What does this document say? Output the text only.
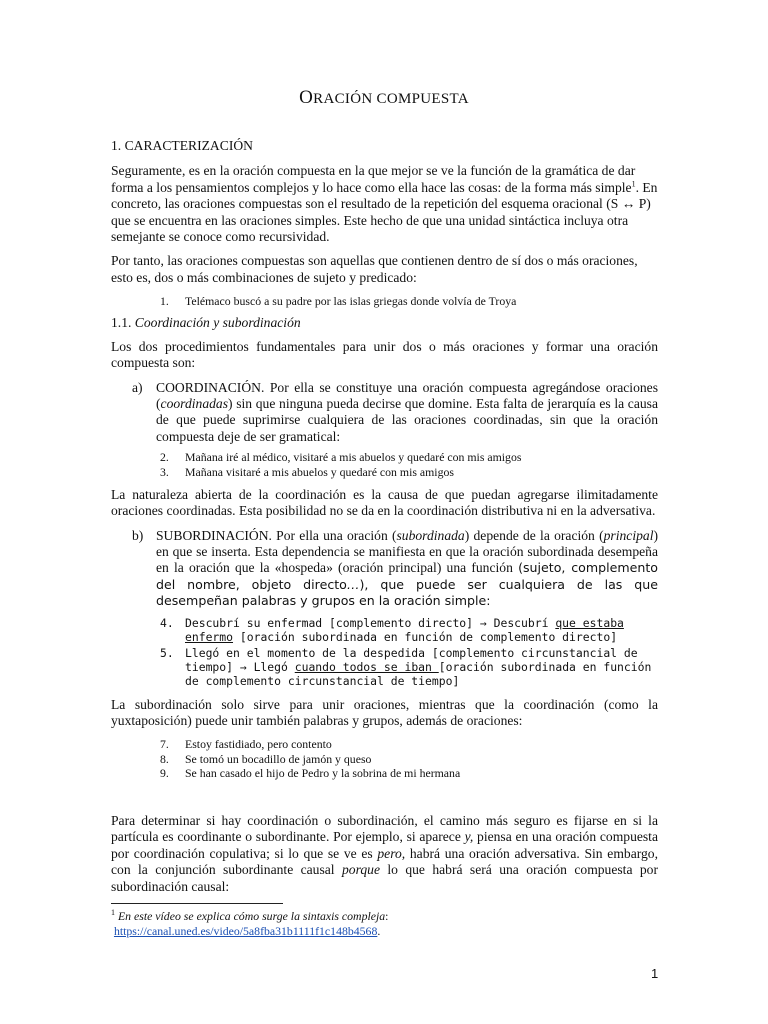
ORACIÓN COMPUESTA
1. CARACTERIZACIÓN

Seguramente, es en la oración compuesta en la que mejor se ve la función de la gramática de dar forma a los pensamientos complejos y lo hace como ella hace las cosas: de la forma más simple$^1$. En concreto, las oraciones compuestas son el resultado de la repetición del esquema oracional (S ↔ P) que se encuentra en las oraciones simples. Este hecho de que una unidad sintáctica incluya otra semejante se conoce como recursividad.

Por tanto, las oraciones compuestas son aquellas que contienen dentro de sí dos o más oraciones, esto es, dos o más combinaciones de sujeto y predicado:

1. Telémaco buscó a su padre por las islas griegas donde volvía de Troya
1.1. Coordinación y subordinación

Los dos procedimientos fundamentales para unir dos o más oraciones y formar una oración compuesta son:

a) COORDINACIÓN. Por ella se constituye una oración compuesta agregándose oraciones (coordinadas) sin que ninguna pueda decirse que domine. Esta falta de jerarquía es la causa de que puede suprimirse cualquiera de las oraciones coordinadas, sin que la oración compuesta deje de ser gramatical:
2. Mañana iré al médico, visitaré a mis abuelos y quedaré con mis amigos
3. Mañana visitaré a mis abuelos y quedaré con mis amigos

La naturaleza abierta de la coordinación es la causa de que puedan agregarse ilimitadamente oraciones coordinadas. Esta posibilidad no se da en la coordinación distributiva ni en la adversativa.

b) SUBORDINACIÓN. Por ella una oración (subordinada) depende de la oración (principal) en que se inserta. Esta dependencia se manifiesta en que la oración subordinada desempeña en la oración que la «hospeda» (oración principal) una función (sujeto, complemento del nombre, objeto directo…), que puede ser cualquiera de las que desempeñan palabras y grupos en la oración simple:
4. Descubrí su enfermad [complemento directo] → Descubrí que estaba enfermo [oración subordinada en función de complemento directo]
5. Llegó en el momento de la despedida [complemento circunstancial de tiempo] → Llegó cuando todos se iban [oración subordinada en función de complemento circunstancial de tiempo]

La subordinación solo sirve para unir oraciones, mientras que la coordinación (como la yuxtaposición) puede unir también palabras y grupos, además de oraciones:

7. Estoy fastidiado, pero contento
8. Se tomó un bocadillo de jamón y queso
9. Se han casado el hijo de Pedro y la sobrina de mi hermana

Para determinar si hay coordinación o subordinación, el camino más seguro es fijarse en si la partícula es coordinante o subordinante. Por ejemplo, si aparece y, piensa en una oración compuesta por coordinación copulativa; si lo que se ve es pero, habrá una oración adversativa. Sin embargo, con la conjunción subordinante causal porque lo que habrá será una oración compuesta por subordinación causal:

$^1$ En este vídeo se explica cómo surge la sintaxis compleja:
https://canal.uned.es/video/5a8fba31b1111f1c148b4568.
1
